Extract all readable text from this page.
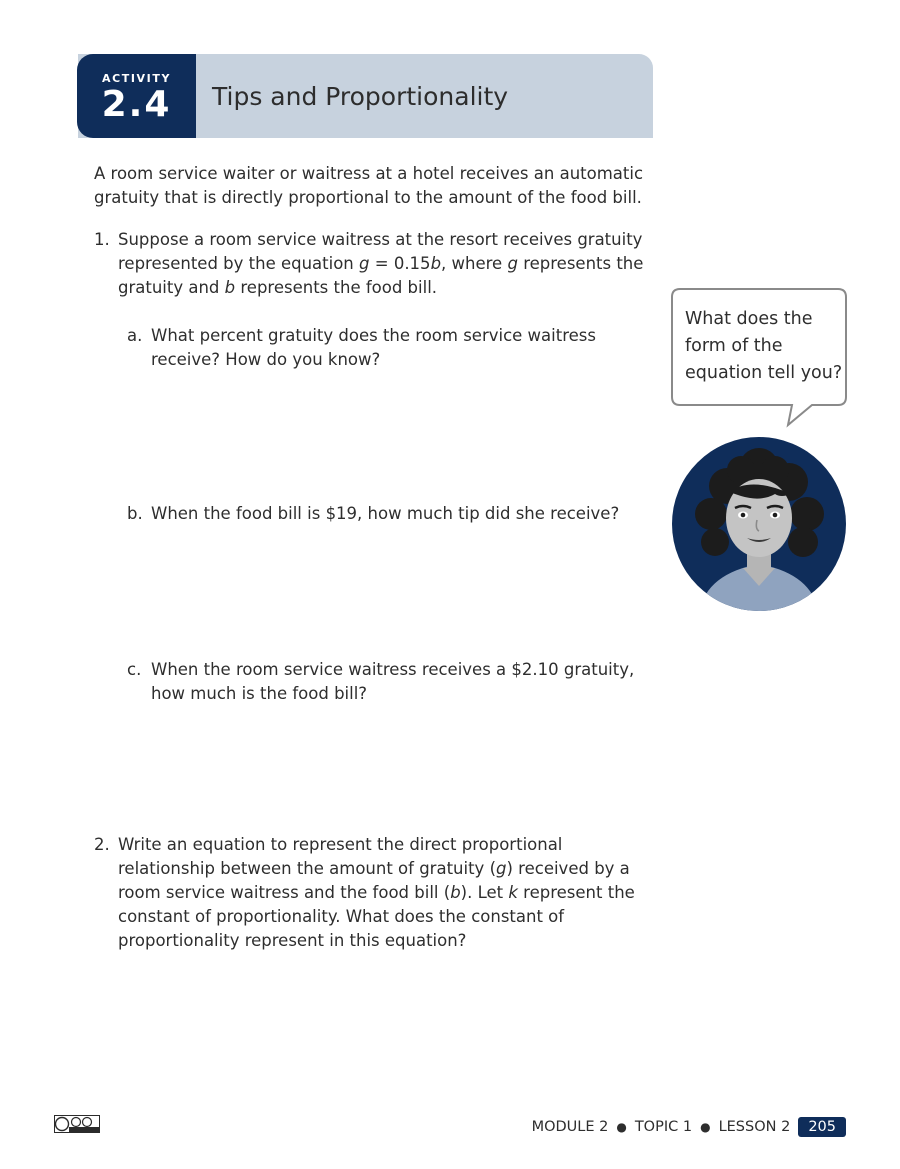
ACTIVITY
2.4	Tips and Proportionality

A room service waiter or waitress at a hotel receives an automatic gratuity that is directly proportional to the amount of the food bill.

1. Suppose a room service waitress at the resort receives gratuity represented by the equation g = 0.15b, where g represents the gratuity and b represents the food bill.

a. What percent gratuity does the room service waitress receive? How do you know?

b. When the food bill is $19, how much tip did she receive?

c. When the room service waitress receives a $2.10 gratuity, how much is the food bill?

2. Write an equation to represent the direct proportional relationship between the amount of gratuity (g) received by a room service waitress and the food bill (b). Let k represent the constant of proportionality. What does the constant of proportionality represent in this equation?

What does the form of the equation tell you?
MODULE 2 ● TOPIC 1 ● LESSON 2	205
